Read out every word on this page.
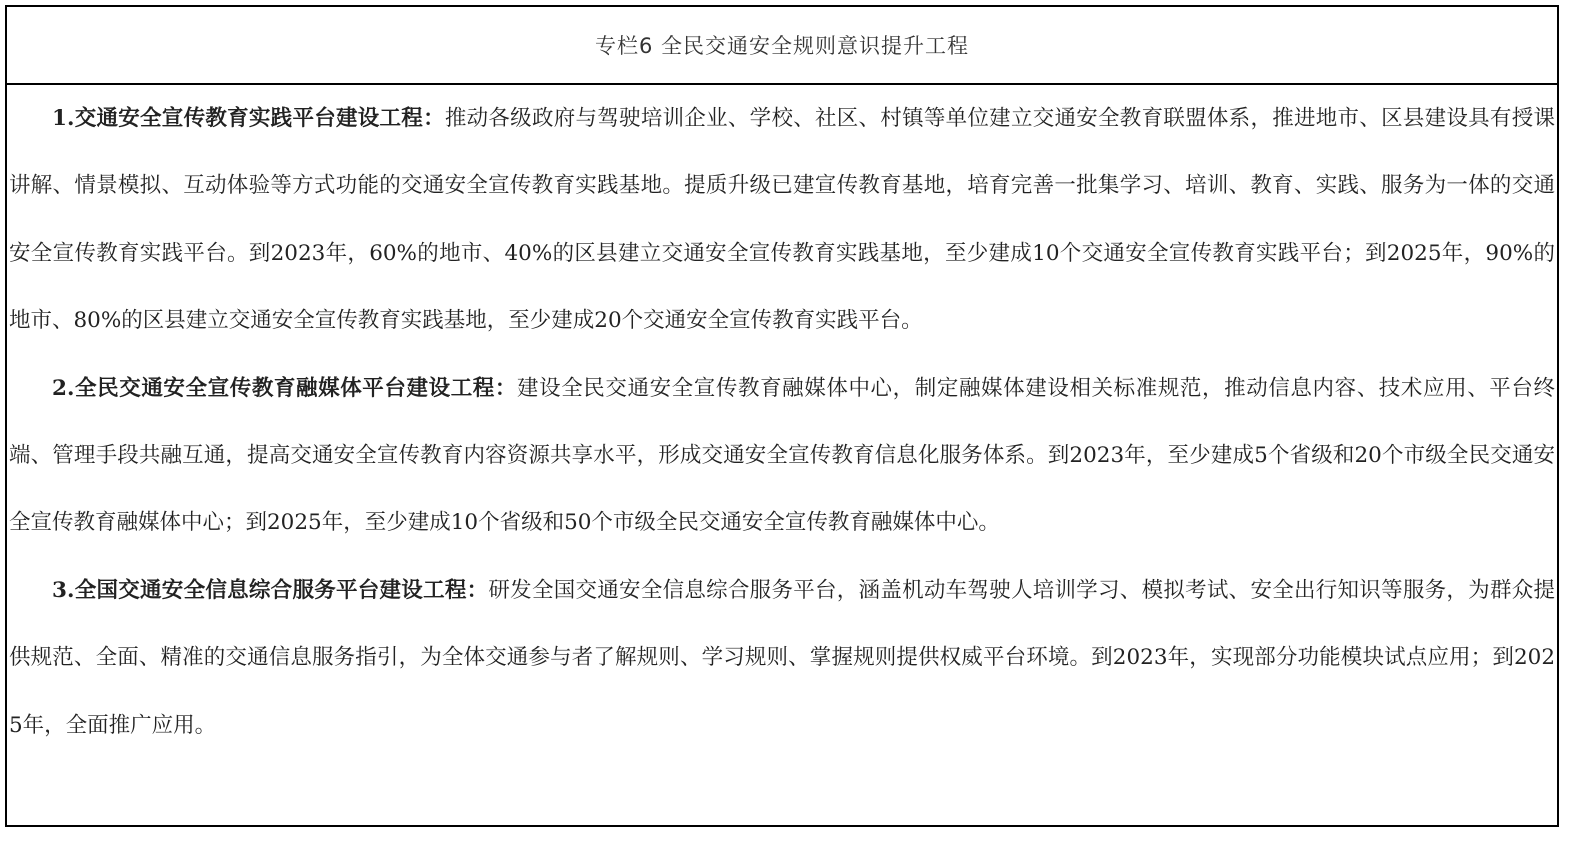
专栏6 全民交通安全规则意识提升工程

1.交通安全宣传教育实践平台建设工程：推动各级政府与驾驶培训企业、学校、社区、村镇等单位建立交通安全教育联盟体系，推进地市、区县建设具有授课讲解、情景模拟、互动体验等方式功能的交通安全宣传教育实践基地。提质升级已建宣传教育基地，培育完善一批集学习、培训、教育、实践、服务为一体的交通安全宣传教育实践平台。到2023年，60%的地市、40%的区县建立交通安全宣传教育实践基地，至少建成10个交通安全宣传教育实践平台；到2025年，90%的地市、80%的区县建立交通安全宣传教育实践基地，至少建成20个交通安全宣传教育实践平台。

2.全民交通安全宣传教育融媒体平台建设工程：建设全民交通安全宣传教育融媒体中心，制定融媒体建设相关标准规范，推动信息内容、技术应用、平台终端、管理手段共融互通，提高交通安全宣传教育内容资源共享水平，形成交通安全宣传教育信息化服务体系。到2023年，至少建成5个省级和20个市级全民交通安全宣传教育融媒体中心；到2025年，至少建成10个省级和50个市级全民交通安全宣传教育融媒体中心。

3.全国交通安全信息综合服务平台建设工程：研发全国交通安全信息综合服务平台，涵盖机动车驾驶人培训学习、模拟考试、安全出行知识等服务，为群众提供规范、全面、精准的交通信息服务指引，为全体交通参与者了解规则、学习规则、掌握规则提供权威平台环境。到2023年，实现部分功能模块试点应用；到2025年，全面推广应用。
